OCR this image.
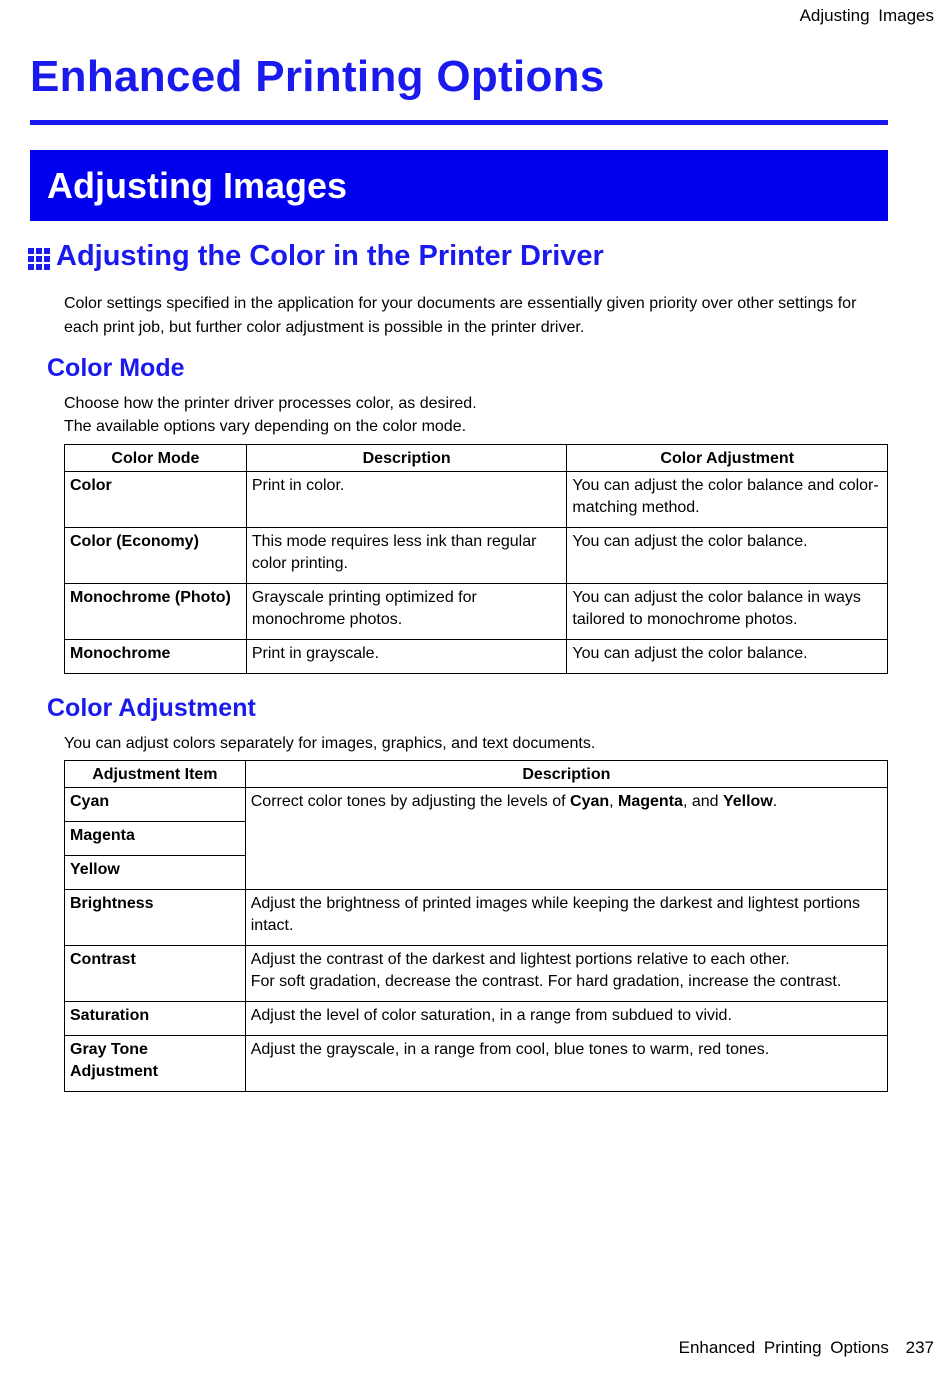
Adjusting Images
Enhanced Printing Options
Adjusting Images
Adjusting the Color in the Printer Driver

Color settings specified in the application for your documents are essentially given priority over other settings for each print job, but further color adjustment is possible in the printer driver.

Color Mode

Choose how the printer driver processes color, as desired.

The available options vary depending on the color mode.

Color Mode	Description	Color Adjustment
Color	Print in color.	You can adjust the color balance and color-matching method.
Color (Economy)	This mode requires less ink than regular color printing.	You can adjust the color balance.
Monochrome (Photo)	Grayscale printing optimized for monochrome photos.	You can adjust the color balance in ways tailored to monochrome photos.
Monochrome	Print in grayscale.	You can adjust the color balance.
Color Adjustment

You can adjust colors separately for images, graphics, and text documents.

Adjustment Item	Description
Cyan	Correct color tones by adjusting the levels of Cyan, Magenta, and Yellow.
Magenta	
Yellow	
Brightness	Adjust the brightness of printed images while keeping the darkest and lightest portions intact.
Contrast	Adjust the contrast of the darkest and lightest portions relative to each other.
For soft gradation, decrease the contrast. For hard gradation, increase the contrast.

Saturation	Adjust the level of color saturation, in a range from subdued to vivid.
Gray Tone Adjustment	Adjust the grayscale, in a range from cool, blue tones to warm, red tones.
Enhanced Printing Options 237
